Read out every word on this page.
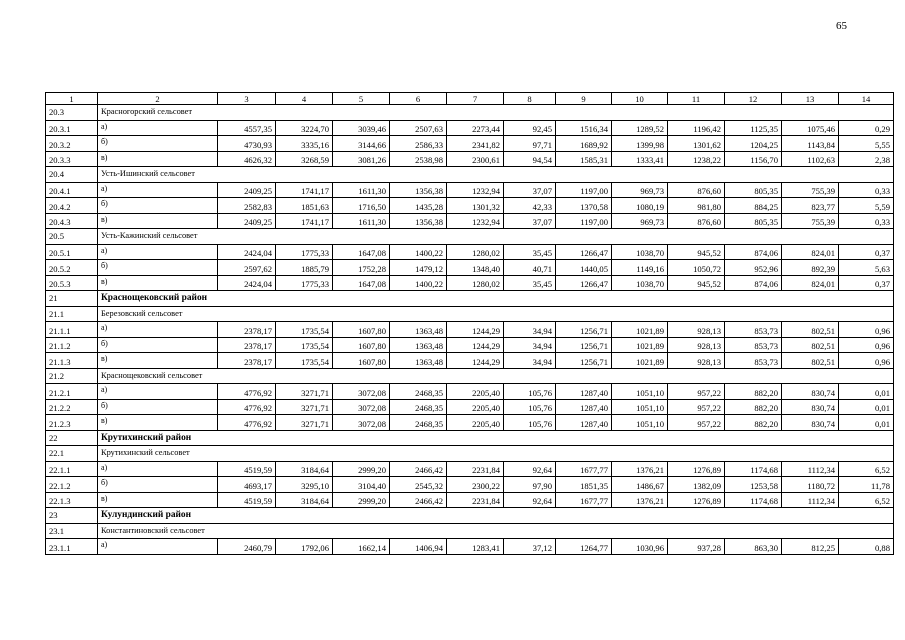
65
1	2	3	4	5	6	7	8	9	10	11	12	13	14
20.3	Красногорский сельсовет												
20.3.1	а)	4557,35	3224,70	3039,46	2507,63	2273,44	92,45	1516,34	1289,52	1196,42	1125,35	1075,46	0,29
20.3.2	б)	4730,93	3335,16	3144,66	2586,33	2341,82	97,71	1689,92	1399,98	1301,62	1204,25	1143,84	5,55
20.3.3	в)	4626,32	3268,59	3081,26	2538,98	2300,61	94,54	1585,31	1333,41	1238,22	1156,70	1102,63	2,38
20.4	Усть-Ишинский сельсовет												
20.4.1	а)	2409,25	1741,17	1611,30	1356,38	1232,94	37,07	1197,00	969,73	876,60	805,35	755,39	0,33
20.4.2	б)	2582,83	1851,63	1716,50	1435,28	1301,32	42,33	1370,58	1080,19	981,80	884,25	823,77	5,59
20.4.3	в)	2409,25	1741,17	1611,30	1356,38	1232,94	37,07	1197,00	969,73	876,60	805,35	755,39	0,33
20.5	Усть-Кажинский сельсовет												
20.5.1	а)	2424,04	1775,33	1647,08	1400,22	1280,02	35,45	1266,47	1038,70	945,52	874,06	824,01	0,37
20.5.2	б)	2597,62	1885,79	1752,28	1479,12	1348,40	40,71	1440,05	1149,16	1050,72	952,96	892,39	5,63
20.5.3	в)	2424,04	1775,33	1647,08	1400,22	1280,02	35,45	1266,47	1038,70	945,52	874,06	824,01	0,37
21	Краснощековский район												
21.1	Березовский сельсовет												
21.1.1	а)	2378,17	1735,54	1607,80	1363,48	1244,29	34,94	1256,71	1021,89	928,13	853,73	802,51	0,96
21.1.2	б)	2378,17	1735,54	1607,80	1363,48	1244,29	34,94	1256,71	1021,89	928,13	853,73	802,51	0,96
21.1.3	в)	2378,17	1735,54	1607,80	1363,48	1244,29	34,94	1256,71	1021,89	928,13	853,73	802,51	0,96
21.2	Краснощековский сельсовет												
21.2.1	а)	4776,92	3271,71	3072,08	2468,35	2205,40	105,76	1287,40	1051,10	957,22	882,20	830,74	0,01
21.2.2	б)	4776,92	3271,71	3072,08	2468,35	2205,40	105,76	1287,40	1051,10	957,22	882,20	830,74	0,01
21.2.3	в)	4776,92	3271,71	3072,08	2468,35	2205,40	105,76	1287,40	1051,10	957,22	882,20	830,74	0,01
22	Крутихинский район												
22.1	Крутихинский сельсовет												
22.1.1	а)	4519,59	3184,64	2999,20	2466,42	2231,84	92,64	1677,77	1376,21	1276,89	1174,68	1112,34	6,52
22.1.2	б)	4693,17	3295,10	3104,40	2545,32	2300,22	97,90	1851,35	1486,67	1382,09	1253,58	1180,72	11,78
22.1.3	в)	4519,59	3184,64	2999,20	2466,42	2231,84	92,64	1677,77	1376,21	1276,89	1174,68	1112,34	6,52
23	Кулундинский район												
23.1	Константиновский сельсовет												
23.1.1	а)	2460,79	1792,06	1662,14	1406,94	1283,41	37,12	1264,77	1030,96	937,28	863,30	812,25	0,88
